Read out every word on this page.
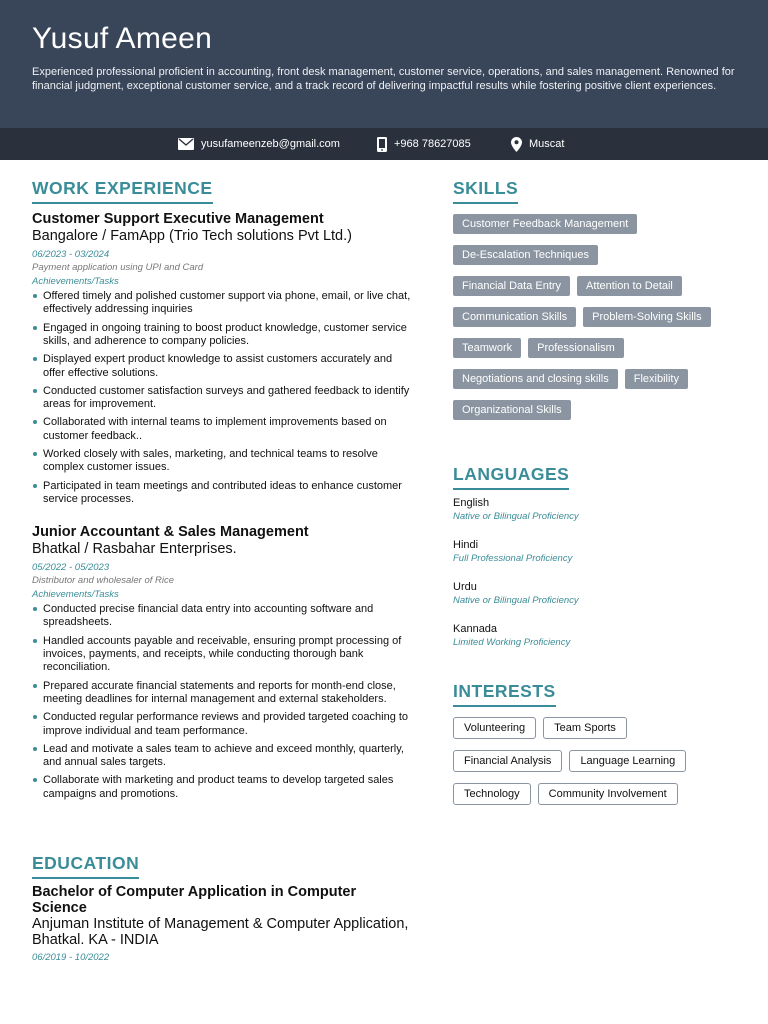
Yusuf Ameen
Experienced professional proficient in accounting, front desk management, customer service, operations, and sales management. Renowned for financial judgment, exceptional customer service, and a track record of delivering impactful results while fostering positive client experiences.
yusufameenzeb@gmail.com	+968 78627085	Muscat
WORK EXPERIENCE
Customer Support Executive Management
Bangalore / FamApp (Trio Tech solutions Pvt Ltd.)
06/2023 - 03/2024
Payment application using UPI and Card
Achievements/Tasks
Offered timely and polished customer support via phone, email, or live chat, effectively addressing inquiries
Engaged in ongoing training to boost product knowledge, customer service skills, and adherence to company policies.
Displayed expert product knowledge to assist customers accurately and offer effective solutions.
Conducted customer satisfaction surveys and gathered feedback to identify areas for improvement.
Collaborated with internal teams to implement improvements based on customer feedback..
Worked closely with sales, marketing, and technical teams to resolve complex customer issues.
Participated in team meetings and contributed ideas to enhance customer service processes.
Junior Accountant & Sales Management
Bhatkal / Rasbahar Enterprises.
05/2022 - 05/2023
Distributor and wholesaler of Rice
Achievements/Tasks
Conducted precise financial data entry into accounting software and spreadsheets.
Handled accounts payable and receivable, ensuring prompt processing of invoices, payments, and receipts, while conducting thorough bank reconciliation.
Prepared accurate financial statements and reports for month-end close, meeting deadlines for internal management and external stakeholders.
Conducted regular performance reviews and provided targeted coaching to improve individual and team performance.
Lead and motivate a sales team to achieve and exceed monthly, quarterly, and annual sales targets.
Collaborate with marketing and product teams to develop targeted sales campaigns and promotions.
EDUCATION
Bachelor of Computer Application in Computer Science
Anjuman Institute of Management & Computer Application, Bhatkal. KA - INDIA
06/2019 - 10/2022
SKILLS
Customer Feedback Management
De-Escalation Techniques
Financial Data Entry	Attention to Detail
Communication Skills	Problem-Solving Skills
Teamwork	Professionalism
Negotiations and closing skills	Flexibility
Organizational Skills
LANGUAGES
English
Native or Bilingual Proficiency
Hindi
Full Professional Proficiency
Urdu
Native or Bilingual Proficiency
Kannada
Limited Working Proficiency
INTERESTS
Volunteering	Team Sports
Financial Analysis	Language Learning
Technology	Community Involvement
